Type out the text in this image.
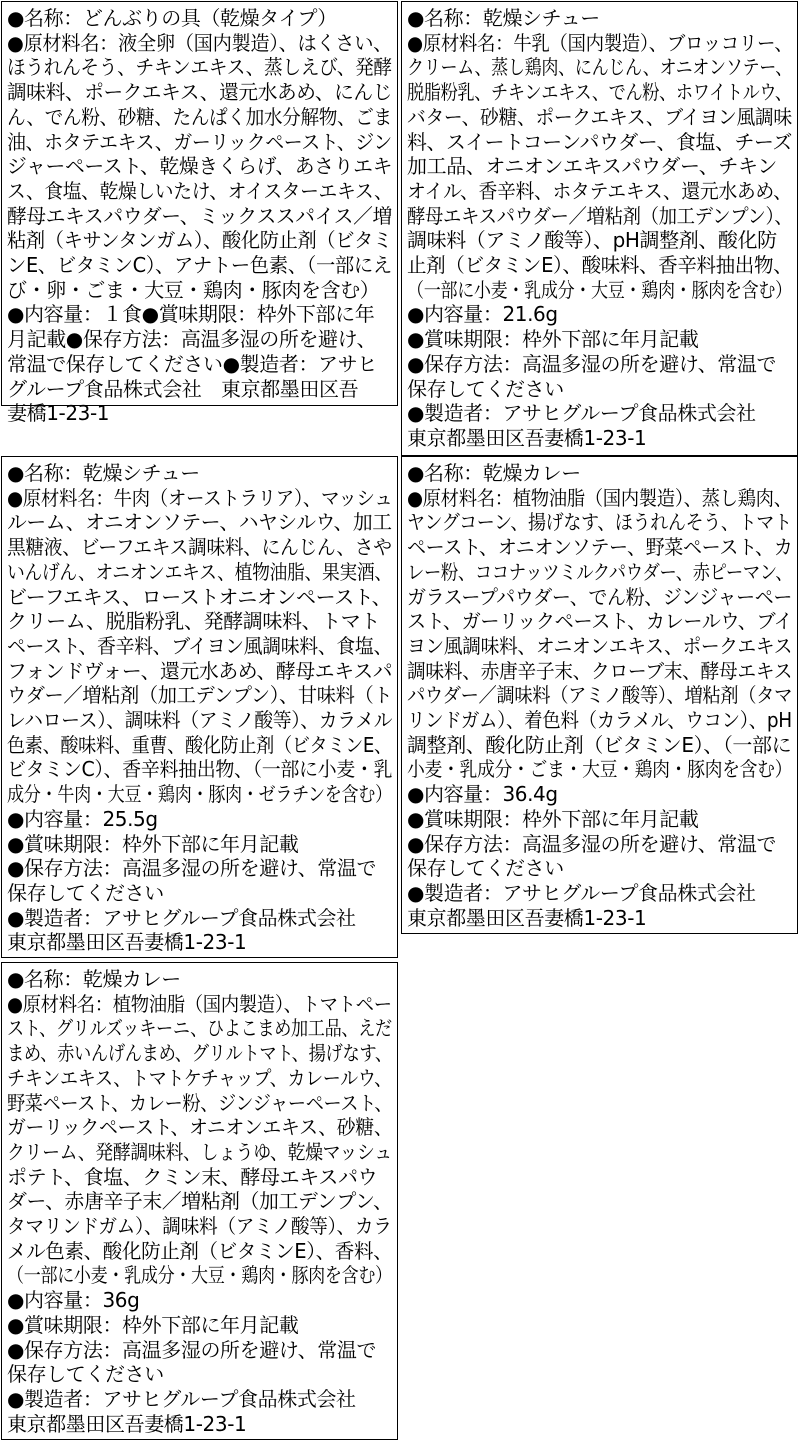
●名称：どんぶりの具（乾燥タイプ）
●原材料名：液全卵（国内製造）、はくさい、
ほうれんそう、チキンエキス、蒸しえび、発酵
調味料、ポークエキス、還元水あめ、にんじ
ん、でん粉、砂糖、たんぱく加水分解物、ごま
油、ホタテエキス、ガーリックペースト、ジン
ジャーペースト、乾燥きくらげ、あさりエキ
ス、食塩、乾燥しいたけ、オイスターエキス、
酵母エキスパウダー、ミックススパイス／増
粘剤（キサンタンガム）、酸化防止剤（ビタミ
ンE、ビタミンC）、アナトー色素、（一部にえ
び・卵・ごま・大豆・鶏肉・豚肉を含む）
●内容量：１食●賞味期限：枠外下部に年
月記載●保存方法：高温多湿の所を避け、
常温で保存してください●製造者：アサヒ
グループ食品株式会社　東京都墨田区吾
妻橋1-23-1
●名称：乾燥シチュー
●原材料名：牛乳（国内製造）、ブロッコリー、
クリーム、蒸し鶏肉、にんじん、オニオンソテー、
脱脂粉乳、チキンエキス、でん粉、ホワイトルウ、
バター、砂糖、ポークエキス、ブイヨン風調味
料、スイートコーンパウダー、食塩、チーズ
加工品、オニオンエキスパウダー、チキン
オイル、香辛料、ホタテエキス、還元水あめ、
酵母エキスパウダー／増粘剤（加工デンプン）、
調味料（アミノ酸等）、pH調整剤、酸化防
止剤（ビタミンE）、酸味料、香辛料抽出物、
（一部に小麦・乳成分・大豆・鶏肉・豚肉を含む）
●内容量：21.6g
●賞味期限：枠外下部に年月記載
●保存方法：高温多湿の所を避け、常温で
保存してください
●製造者：アサヒグループ食品株式会社
東京都墨田区吾妻橋1-23-1
●名称：乾燥シチュー
●原材料名：牛肉（オーストラリア）、マッシュ
ルーム、オニオンソテー、ハヤシルウ、加工
黒糖液、ビーフエキス調味料、にんじん、さや
いんげん、オニオンエキス、植物油脂、果実酒、
ビーフエキス、ローストオニオンペースト、
クリーム、脱脂粉乳、発酵調味料、トマト
ペースト、香辛料、ブイヨン風調味料、食塩、
フォンドヴォー、還元水あめ、酵母エキスパ
ウダー／増粘剤（加工デンプン）、甘味料（ト
レハロース）、調味料（アミノ酸等）、カラメル
色素、酸味料、重曹、酸化防止剤（ビタミンE、
ビタミンC）、香辛料抽出物、（一部に小麦・乳
成分・牛肉・大豆・鶏肉・豚肉・ゼラチンを含む）
●内容量：25.5g
●賞味期限：枠外下部に年月記載
●保存方法：高温多湿の所を避け、常温で
保存してください
●製造者：アサヒグループ食品株式会社
東京都墨田区吾妻橋1-23-1
●名称：乾燥カレー
●原材料名：植物油脂（国内製造）、蒸し鶏肉、
ヤングコーン、揚げなす、ほうれんそう、トマト
ペースト、オニオンソテー、野菜ペースト、カ
レー粉、ココナッツミルクパウダー、赤ピーマン、
ガラスープパウダー、でん粉、ジンジャーペー
スト、ガーリックペースト、カレールウ、ブイ
ヨン風調味料、オニオンエキス、ポークエキス
調味料、赤唐辛子末、クローブ末、酵母エキス
パウダー／調味料（アミノ酸等）、増粘剤（タマ
リンドガム）、着色料（カラメル、ウコン）、pH
調整剤、酸化防止剤（ビタミンE）、（一部に
小麦・乳成分・ごま・大豆・鶏肉・豚肉を含む）
●内容量：36.4g
●賞味期限：枠外下部に年月記載
●保存方法：高温多湿の所を避け、常温で
保存してください
●製造者：アサヒグループ食品株式会社
東京都墨田区吾妻橋1-23-1
●名称：乾燥カレー
●原材料名：植物油脂（国内製造）、トマトペー
スト、グリルズッキーニ、ひよこまめ加工品、えだ
まめ、赤いんげんまめ、グリルトマト、揚げなす、
チキンエキス、トマトケチャップ、カレールウ、
野菜ペースト、カレー粉、ジンジャーペースト、
ガーリックペースト、オニオンエキス、砂糖、
クリーム、発酵調味料、しょうゆ、乾燥マッシュ
ポテト、食塩、クミン末、酵母エキスパウ
ダー、赤唐辛子末／増粘剤（加工デンプン、
タマリンドガム）、調味料（アミノ酸等）、カラ
メル色素、酸化防止剤（ビタミンE）、香料、
（一部に小麦・乳成分・大豆・鶏肉・豚肉を含む）
●内容量：36g
●賞味期限：枠外下部に年月記載
●保存方法：高温多湿の所を避け、常温で
保存してください
●製造者：アサヒグループ食品株式会社
東京都墨田区吾妻橋1-23-1
